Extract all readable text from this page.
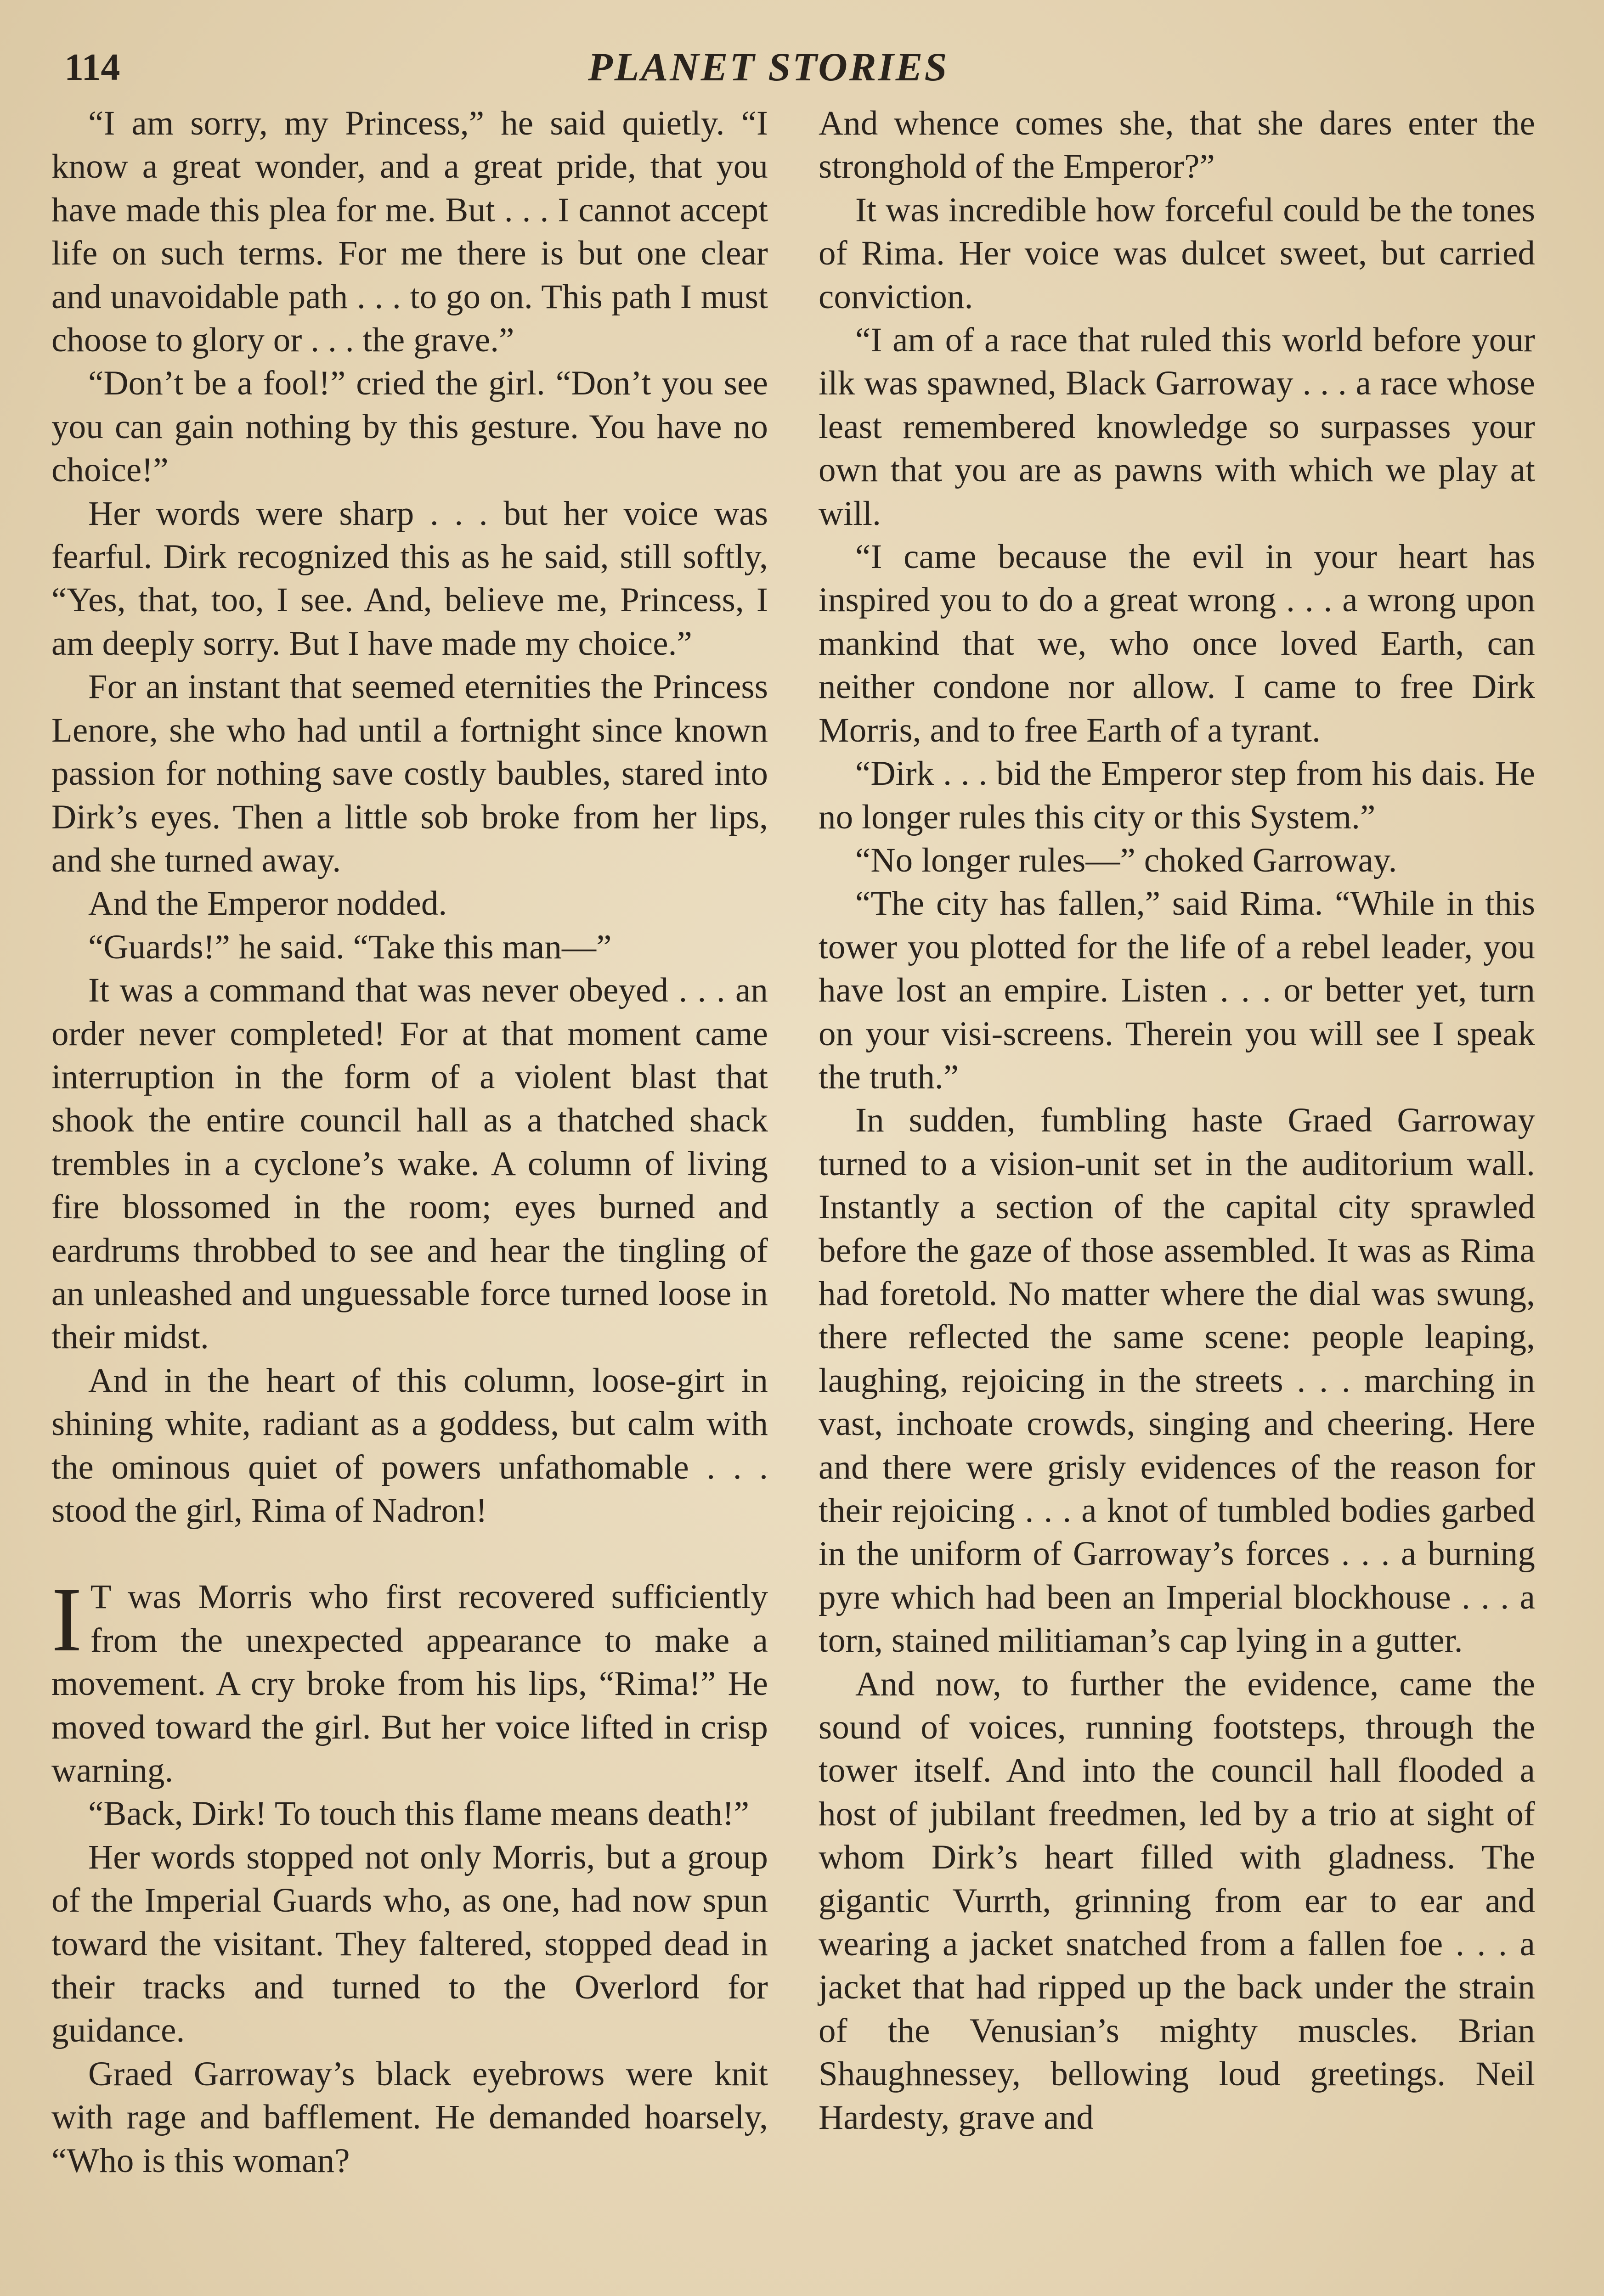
114	PLANET STORIES

“I am sorry, my Princess,” he said quietly. “I know a great wonder, and a great pride, that you have made this plea for me. But . . . I cannot accept life on such terms. For me there is but one clear and unavoidable path . . . to go on. This path I must choose to glory or . . . the grave.”

“Don’t be a fool!” cried the girl. “Don’t you see you can gain nothing by this gesture. You have no choice!”

Her words were sharp . . . but her voice was fearful. Dirk recognized this as he said, still softly, “Yes, that, too, I see. And, believe me, Princess, I am deeply sorry. But I have made my choice.”

For an instant that seemed eternities the Princess Lenore, she who had until a fortnight since known passion for nothing save costly baubles, stared into Dirk’s eyes. Then a little sob broke from her lips, and she turned away.

And the Emperor nodded.

“Guards!” he said. “Take this man—”

It was a command that was never obeyed . . . an order never completed! For at that moment came interruption in the form of a violent blast that shook the entire council hall as a thatched shack trembles in a cyclone’s wake. A column of living fire blossomed in the room; eyes burned and eardrums throbbed to see and hear the tingling of an unleashed and unguessable force turned loose in their midst.

And in the heart of this column, loose-girt in shining white, radiant as a goddess, but calm with the ominous quiet of powers unfathomable . . . stood the girl, Rima of Nadron!

I T was Morris who first recovered sufficiently from the unexpected appearance to make a movement. A cry broke from his lips, “Rima!” He moved toward the girl. But her voice lifted in crisp warning.

“Back, Dirk! To touch this flame means death!”

Her words stopped not only Morris, but a group of the Imperial Guards who, as one, had now spun toward the visitant. They faltered, stopped dead in their tracks and turned to the Overlord for guidance.

Graed Garroway’s black eyebrows were knit with rage and bafflement. He demanded hoarsely, “Who is this woman?

And whence comes she, that she dares enter the stronghold of the Emperor?”

It was incredible how forceful could be the tones of Rima. Her voice was dulcet sweet, but carried conviction.

“I am of a race that ruled this world before your ilk was spawned, Black Garroway . . . a race whose least remembered knowledge so surpasses your own that you are as pawns with which we play at will.

“I came because the evil in your heart has inspired you to do a great wrong . . . a wrong upon mankind that we, who once loved Earth, can neither condone nor allow. I came to free Dirk Morris, and to free Earth of a tyrant.

“Dirk . . . bid the Emperor step from his dais. He no longer rules this city or this System.”

“No longer rules—” choked Garroway.

“The city has fallen,” said Rima. “While in this tower you plotted for the life of a rebel leader, you have lost an empire. Listen . . . or better yet, turn on your visi-screens. Therein you will see I speak the truth.”

In sudden, fumbling haste Graed Garroway turned to a vision-unit set in the auditorium wall. Instantly a section of the capital city sprawled before the gaze of those assembled. It was as Rima had foretold. No matter where the dial was swung, there reflected the same scene: people leaping, laughing, rejoicing in the streets . . . marching in vast, inchoate crowds, singing and cheering. Here and there were grisly evidences of the reason for their rejoicing . . . a knot of tumbled bodies garbed in the uniform of Garroway’s forces . . . a burning pyre which had been an Imperial blockhouse . . . a torn, stained militiaman’s cap lying in a gutter.

And now, to further the evidence, came the sound of voices, running footsteps, through the tower itself. And into the council hall flooded a host of jubilant freedmen, led by a trio at sight of whom Dirk’s heart filled with gladness. The gigantic Vurrth, grinning from ear to ear and wearing a jacket snatched from a fallen foe . . . a jacket that had ripped up the back under the strain of the Venusian’s mighty muscles. Brian Shaughnessey, bellowing loud greetings. Neil Hardesty, grave and
